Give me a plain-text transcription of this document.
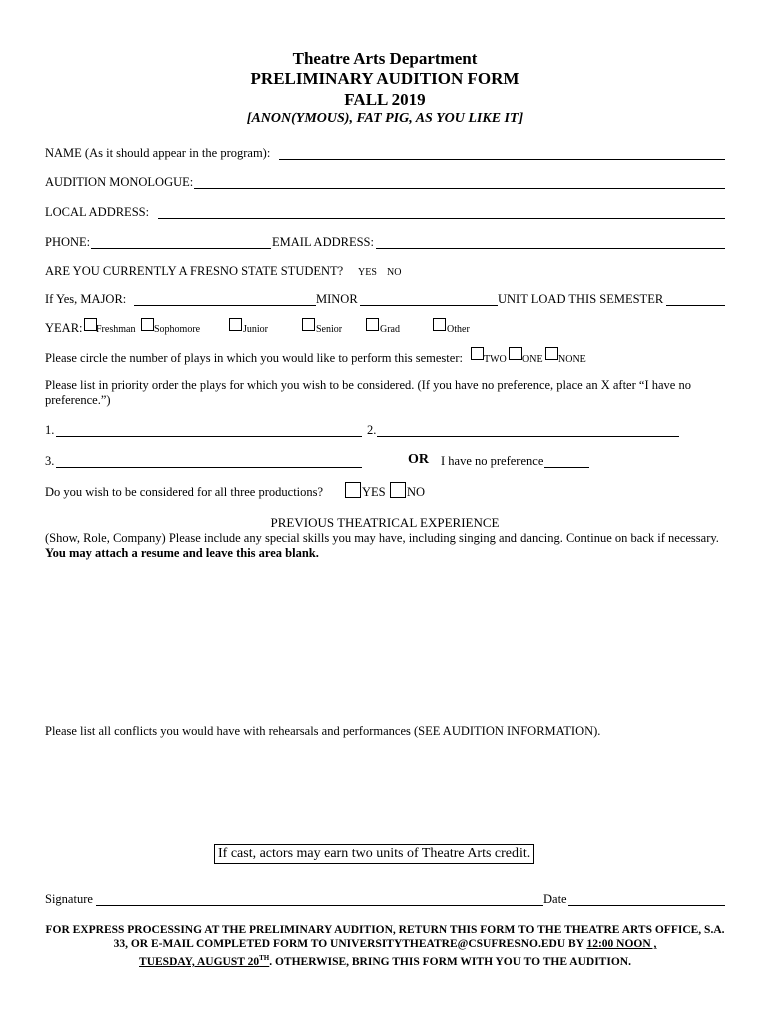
Theatre Arts Department
PRELIMINARY AUDITION FORM
FALL 2019
[ANON(YMOUS), FAT PIG, AS YOU LIKE IT]
NAME (As it should appear in the program):
AUDITION MONOLOGUE:
LOCAL ADDRESS:
PHONE:	EMAIL ADDRESS:
ARE YOU CURRENTLY A FRESNO STATE STUDENT? YES NO
If Yes, MAJOR:	MINOR	UNIT LOAD THIS SEMESTER
YEAR: Freshman Sophomore	Junior	Senior	Grad	Other
Please circle the number of plays in which you would like to perform this semester: TWO ONE NONE
Please list in priority order the plays for which you wish to be considered. (If you have no preference, place an X after “I have no preference.”)
1.	2.
3.	OR I have no preference
Do you wish to be considered for all three productions?	YES NO
PREVIOUS THEATRICAL EXPERIENCE
(Show, Role, Company) Please include any special skills you may have, including singing and dancing. Continue on back if necessary. You may attach a resume and leave this area blank.
Please list all conflicts you would have with rehearsals and performances (SEE AUDITION INFORMATION).
If cast, actors may earn two units of Theatre Arts credit.
Signature	Date
FOR EXPRESS PROCESSING AT THE PRELIMINARY AUDITION, RETURN THIS FORM TO THE THEATRE ARTS OFFICE, S.A. 33, OR E-MAIL COMPLETED FORM TO UNIVERSITYTHEATRE@CSUFRESNO.EDU BY 12:00 NOON ,
TUESDAY, AUGUST 20TH. OTHERWISE, BRING THIS FORM WITH YOU TO THE AUDITION.
